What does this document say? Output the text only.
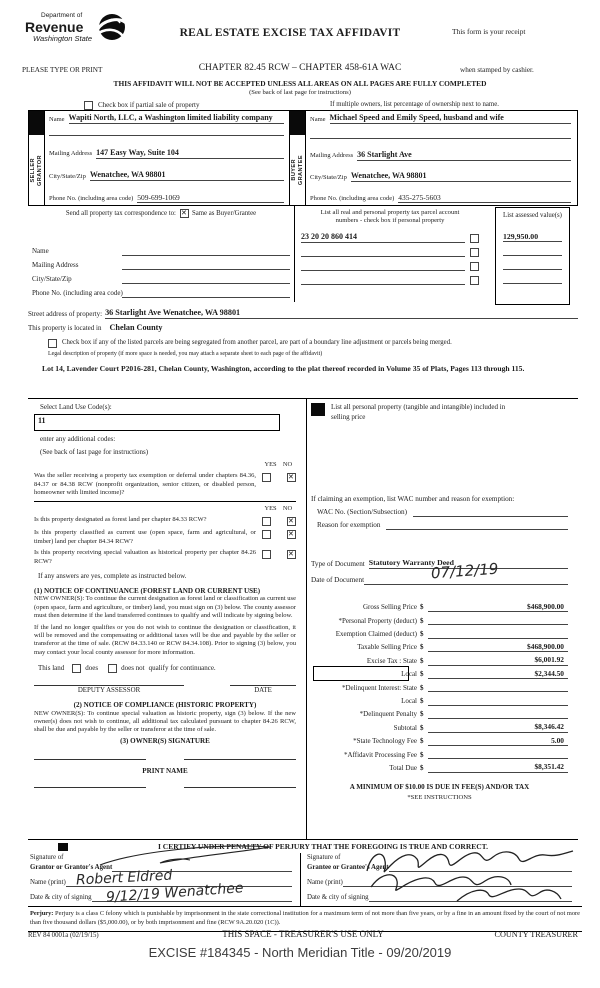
Department of
Revenue
Washington State	REAL ESTATE EXCISE TAX AFFIDAVIT	This form is your receipt
PLEASE TYPE OR PRINT	CHAPTER 82.45 RCW – CHAPTER 458-61A WAC	when stamped by cashier.
THIS AFFIDAVIT WILL NOT BE ACCEPTED UNLESS ALL AREAS ON ALL PAGES ARE FULLY COMPLETED
(See back of last page for instructions)
Check box if partial sale of property	If multiple owners, list percentage of ownership next to name.
SELLER GRANTOR
Name Wapiti North, LLC, a Washington limited liability company
Mailing Address 147 Easy Way, Suite 104
City/State/Zip Wenatchee, WA 98801
Phone No. (including area code) 509-699-1069
BUYER GRANTEE
Name Michael Speed and Emily Speed, husband and wife
Mailing Address 36 Starlight Ave
City/State/Zip Wenatchee, WA 98801
Phone No. (including area code) 435-275-5603
Send all property tax correspondence to: ✕ Same as Buyer/Grantee
Name
Mailing Address
City/State/Zip
Phone No. (including area code)
List all real and personal property tax parcel account
numbers - check box if personal property
23 20 20 860 414
List assessed value(s)
129,950.00
Street address of property: 36 Starlight Ave Wenatchee, WA 98801
This property is located in Chelan County
Check box if any of the listed parcels are being segregated from another parcel, are part of a boundary line adjustment or parcels being merged.
Legal description of property (if more space is needed, you may attach a separate sheet to each page of the affidavit)
Lot 14, Lavender Court P2016-281, Chelan County, Washington, according to the plat thereof recorded in Volume 35 of Plats, Pages 113 through 115.
Select Land Use Code(s):
11
enter any additional codes:
(See back of last page for instructions)
YES NO
Was the seller receiving a property tax exemption or deferral under chapters 84.36, 84.37 or 84.38 RCW (nonprofit organization, senior citizen, or disabled person, homeowner with limited income)?
✕
YES NO
Is this property designated as forest land per chapter 84.33 RCW?
✕
Is this property classified as current use (open space, farm and agricultural, or timber) land per chapter 84.34 RCW?
✕
Is this property receiving special valuation as historical property per chapter 84.26 RCW?
✕
If any answers are yes, complete as instructed below.
(1) NOTICE OF CONTINUANCE (FOREST LAND OR CURRENT USE)
NEW OWNER(S): To continue the current designation as forest land or classification as current use (open space, farm and agriculture, or timber) land, you must sign on (3) below. The county assessor must then determine if the land transferred continues to qualify and will indicate by signing below.
If the land no longer qualifies or you do not wish to continue the designation or classification, it will be removed and the compensating or additional taxes will be due and payable by the seller or transferor at the time of sale. (RCW 84.33.140 or RCW 84.34.108). Prior to signing (3) below, you may contact your local county assessor for more information.
This land	does	does not qualify for continuance.
DEPUTY ASSESSOR	DATE
(2) NOTICE OF COMPLIANCE (HISTORIC PROPERTY)
NEW OWNER(S): To continue special valuation as historic property, sign (3) below. If the new owner(s) does not wish to continue, all additional tax calculated pursuant to chapter 84.26 RCW, shall be due and payable by the seller or transferor at the time of sale.
(3) OWNER(S) SIGNATURE
PRINT NAME
List all personal property (tangible and intangible) included in selling price
If claiming an exemption, list WAC number and reason for exemption:
WAC No. (Section/Subsection)
Reason for exemption
Type of Document Statutory Warranty Deed
Date of Document	07/12/19
Gross Selling Price $	$468,900.00
*Personal Property (deduct) $
Exemption Claimed (deduct) $
Taxable Selling Price $	$468,900.00
Excise Tax : State $	$6,001.92
Local $	$2,344.50
*Delinquent Interest: State $
Local $
*Delinquent Penalty $
Subtotal $	$8,346.42
*State Technology Fee $	5.00
*Affidavit Processing Fee $
Total Due $	$8,351.42
A MINIMUM OF $10.00 IS DUE IN FEE(S) AND/OR TAX
*SEE INSTRUCTIONS
I CERTIFY UNDER PENALTY OF PERJURY THAT THE FOREGOING IS TRUE AND CORRECT.
Signature of
Grantor or Grantor's Agent
Name (print)
Date & city of signing
Robert Eldred
9/12/19 Wenatchee
Signature of
Grantee or Grantee's Agent
Name (print)
Date & city of signing
Perjury: Perjury is a class C felony which is punishable by imprisonment in the state correctional institution for a maximum term of not more than five years, or by a fine in an amount fixed by the court of not more than five thousand dollars ($5,000.00), or by both imprisonment and fine (RCW 9A.20.020 (1C)).
REV 84 0001a (02/19/15)	THIS SPACE - TREASURER'S USE ONLY	COUNTY TREASURER
EXCISE #184345 - North Meridian Title - 09/20/2019
